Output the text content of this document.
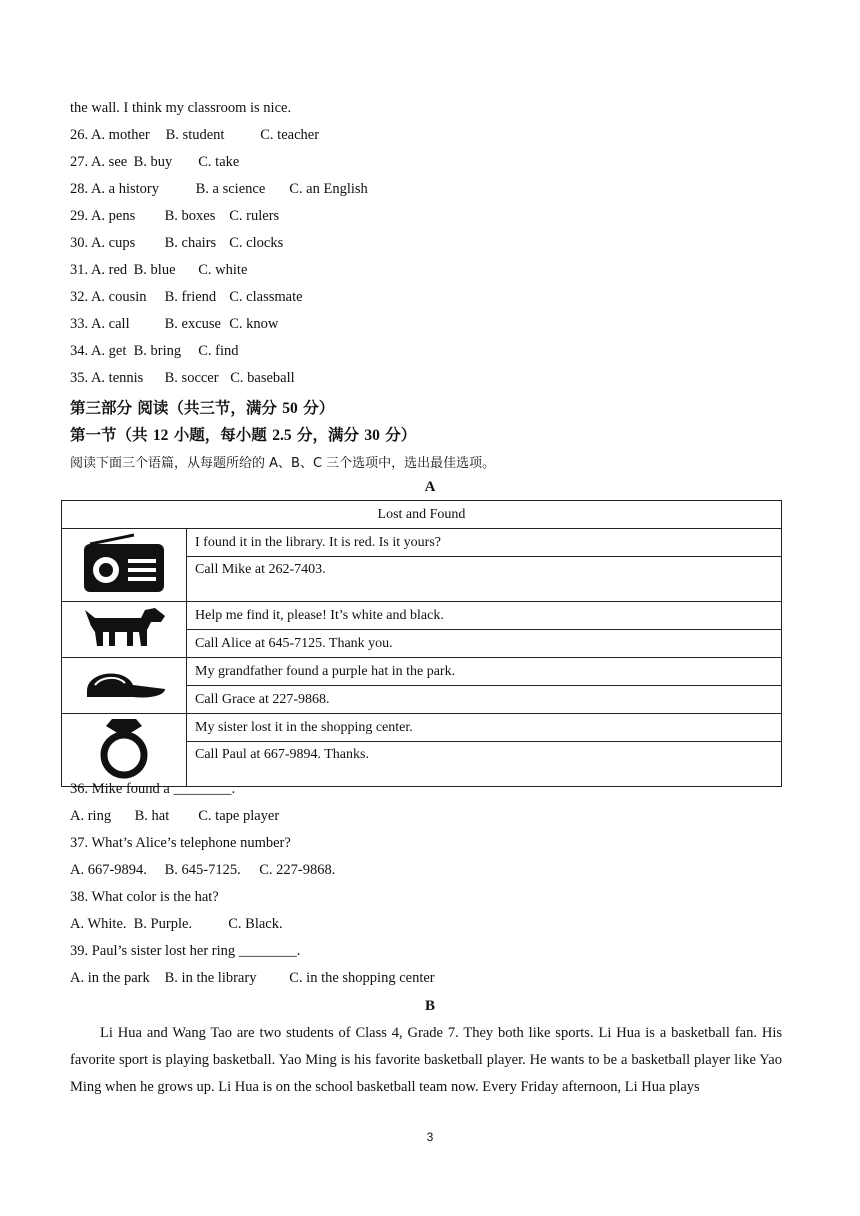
the wall. I think my classroom is nice.
26. A. mother B. student C. teacher
27. A. see B. buy C. take
28. A. a history	B. a science C. an English
29. A. pens B. boxes C. rulers
30. A. cups B. chairs C. clocks
31. A. red B. blue C. white
32. A. cousin B. friend C. classmate
33. A. call B. excuse C. know
34. A. get B. bring C. find
35. A. tennis B. soccer C. baseball
第三部分 阅读（共三节，满分 50 分）
第一节（共 12 小题，每小题 2.5 分，满分 30 分）
阅读下面三个语篇，从每题所给的 A、B、C 三个选项中，选出最佳选项。
A
Lost and Found	
	I found it in the library. It is red. Is it yours?
	Call Mike at 262-7403.
	Help me find it, please! It’s white and black.
	Call Alice at 645-7125. Thank you.
	My grandfather found a purple hat in the park.
	Call Grace at 227-9868.
	My sister lost it in the shopping center.
	Call Paul at 667-9894. Thanks.
36. Mike found a ________.
A. ring B. hat C. tape player
37. What’s Alice’s telephone number?
A. 667-9894. B. 645-7125. C. 227-9868.
38. What color is the hat?
A. White. B. Purple. C. Black.
39. Paul’s sister lost her ring ________.
A. in the park B. in the library C. in the shopping center
B
Li Hua and Wang Tao are two students of Class 4, Grade 7. They both like sports. Li Hua is a basketball fan. His favorite sport is playing basketball. Yao Ming is his favorite basketball player. He wants to be a basketball player like Yao Ming when he grows up. Li Hua is on the school basketball team now. Every Friday afternoon, Li Hua plays
3
